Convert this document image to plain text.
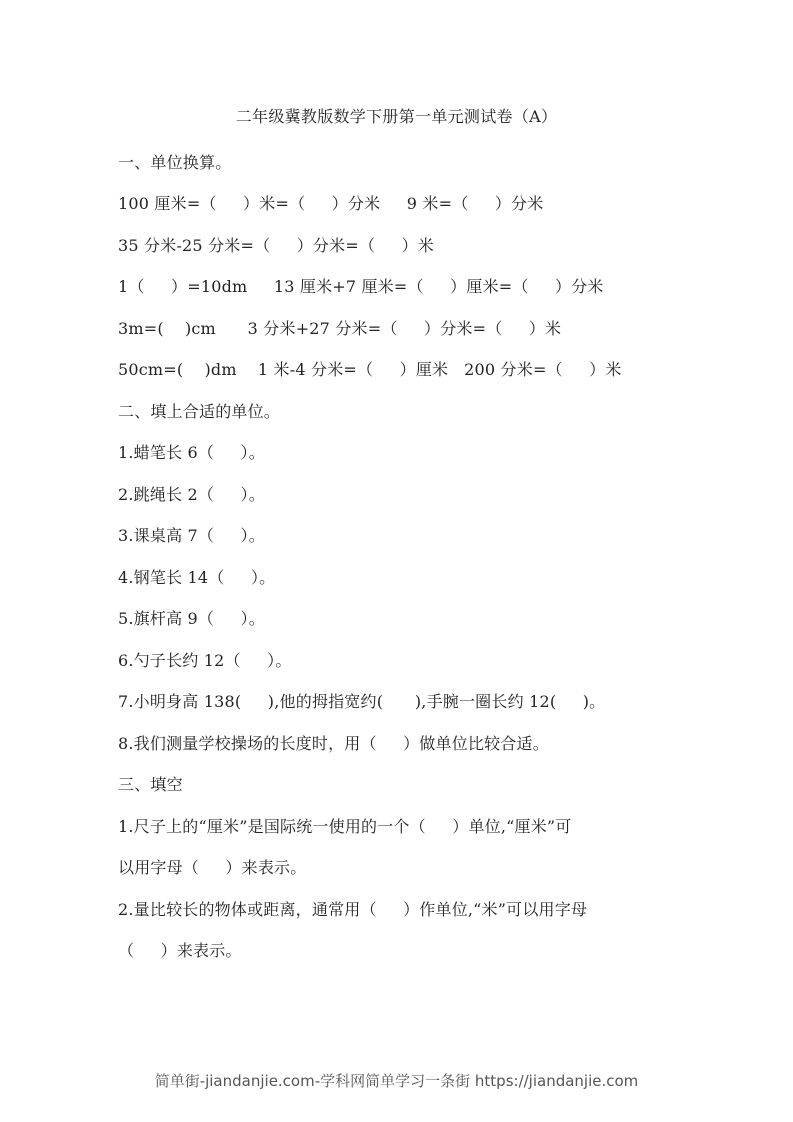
二年级冀教版数学下册第一单元测试卷（A）
一、单位换算。
100 厘米=（     ）米=（     ）分米     9 米=（     ）分米
35 分米-25 分米=（     ）分米=（     ）米
1（     ）=10dm     13 厘米+7 厘米=（     ）厘米=（     ）分米
3m=(    )cm      3 分米+27 分米=（     ）分米=（     ）米
50cm=(    )dm    1 米-4 分米=（     ）厘米   200 分米=（     ）米
二、填上合适的单位。
1.蜡笔长 6（     ）。
2.跳绳长 2（     ）。
3.课桌高 7（     ）。
4.钢笔长 14（     ）。
5.旗杆高 9（     ）。
6.勺子长约 12（     ）。
7.小明身高 138(     ),他的拇指宽约(      ),手腕一圈长约 12(     )。
8.我们测量学校操场的长度时，用（     ）做单位比较合适。
三、填空
1.尺子上的“厘米”是国际统一使用的一个（     ）单位,“厘米”可
以用字母（     ）来表示。
2.量比较长的物体或距离，通常用（     ）作单位,“米”可以用字母
（     ）来表示。
简单街-jiandanjie.com-学科网简单学习一条街 https://jiandanjie.com
